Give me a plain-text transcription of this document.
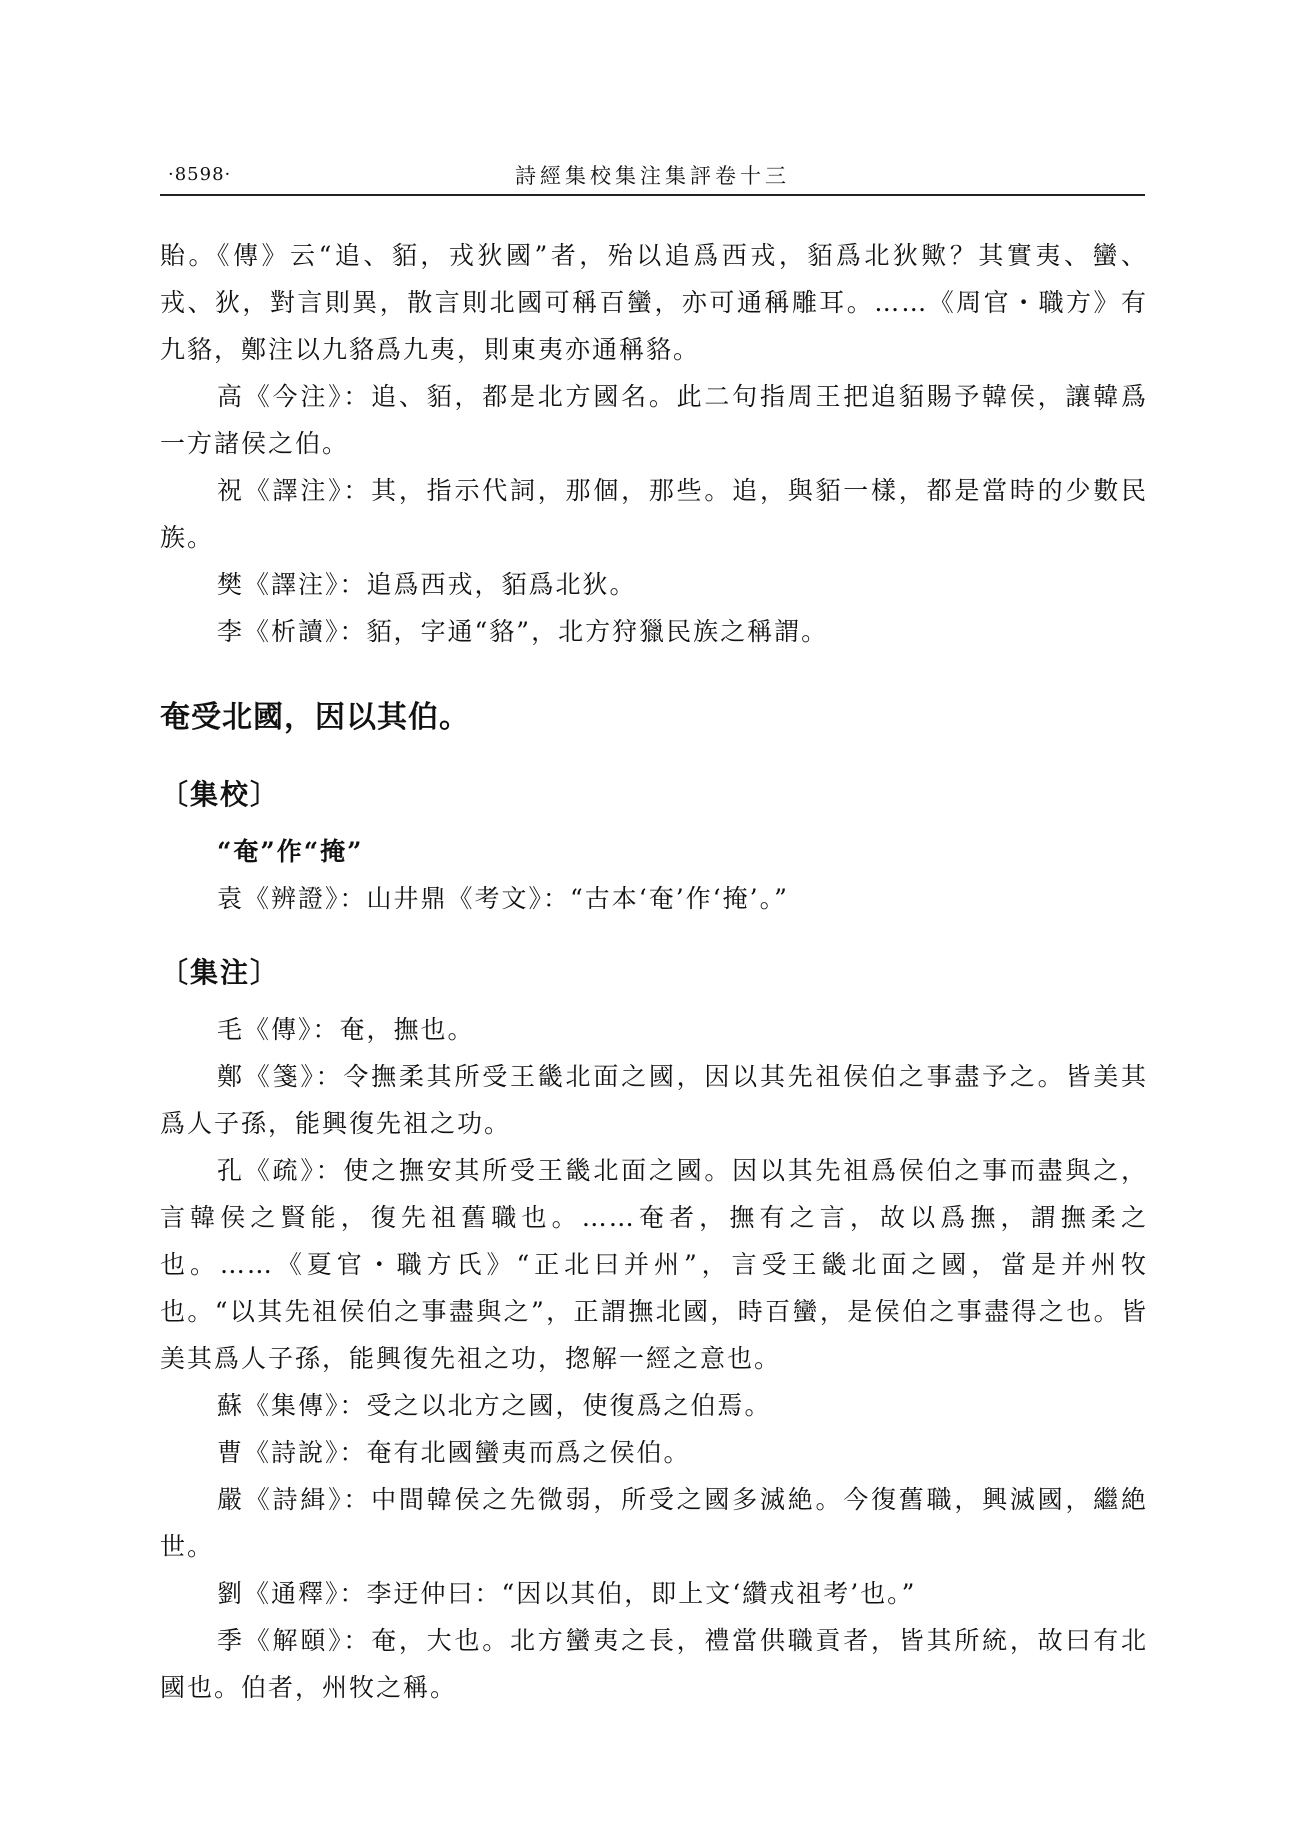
·8598·	詩經集校集注集評卷十三

貽。《傳》云“追、貊，戎狄國”者，殆以追爲西戎，貊爲北狄歟？其實夷、蠻、戎、狄，對言則異，散言則北國可稱百蠻，亦可通稱雕耳。……《周官・職方》有九貉，鄭注以九貉爲九夷，則東夷亦通稱貉。

高《今注》：追、貊，都是北方國名。此二句指周王把追貊賜予韓侯，讓韓爲一方諸侯之伯。

祝《譯注》：其，指示代詞，那個，那些。追，與貊一樣，都是當時的少數民族。

樊《譯注》：追爲西戎，貊爲北狄。

李《析讀》：貊，字通“貉”，北方狩獵民族之稱謂。

奄受北國，因以其伯。
〔集校〕

“奄”作“掩”

袁《辨證》：山井鼎《考文》：“古本‘奄’作‘掩’。”

〔集注〕

毛《傳》：奄，撫也。

鄭《箋》：令撫柔其所受王畿北面之國，因以其先祖侯伯之事盡予之。皆美其爲人子孫，能興復先祖之功。

孔《疏》：使之撫安其所受王畿北面之國。因以其先祖爲侯伯之事而盡與之，言韓侯之賢能，復先祖舊職也。……奄者，撫有之言，故以爲撫，謂撫柔之也。……《夏官・職方氏》“正北曰并州”，言受王畿北面之國，當是并州牧也。“以其先祖侯伯之事盡與之”，正謂撫北國，時百蠻，是侯伯之事盡得之也。皆美其爲人子孫，能興復先祖之功，揔解一經之意也。

蘇《集傳》：受之以北方之國，使復爲之伯焉。

曹《詩說》：奄有北國蠻夷而爲之侯伯。

嚴《詩緝》：中間韓侯之先微弱，所受之國多滅絶。今復舊職，興滅國，繼絶世。

劉《通釋》：李迂仲曰：“因以其伯，即上文‘纘戎祖考’也。”

季《解頤》：奄，大也。北方蠻夷之長，禮當供職貢者，皆其所統，故曰有北國也。伯者，州牧之稱。
